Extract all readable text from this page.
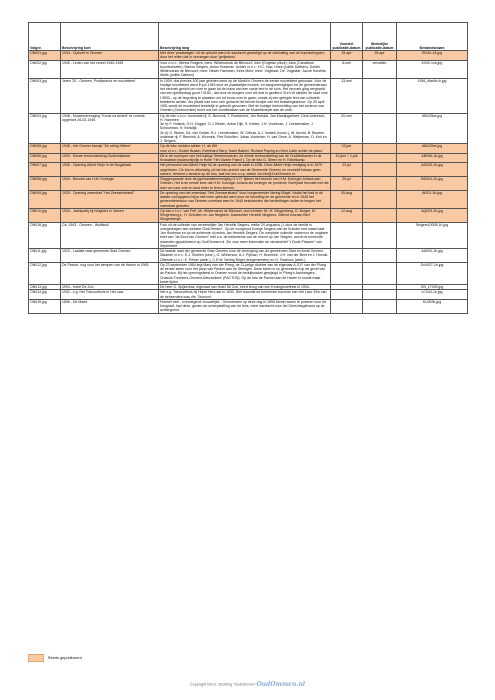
Volgnr.	Beschrijving kort	Beschrijving lang	Voorstel publicatie-datum	Werkelijke publicatie-datum	Bestandsnaam
ON001.jpg	1934 - Opfocht in Ommen	Met deze 'praatwagen' uit de optocht werd de aandacht gevestigd op de ontsluiting van de buurtschoppen, door het reiten dat in vervangen door 'geitjesbus'.	29-apr	29-apr	EI040-16.jpg
ON002.jpg	1945 - Leden van het verzet 1940-1945	Voor v.l.n.r.: Bertus Rutgers; mevr. Wildervanck de Blécourt; John (Engelse piloot); Jans (Canadese boordschutter); Marion Seigers, Anton Houtman. Achter v.l.n.r.: H.C. Hop; Hoek (politie Dalfsen); Dokter Wildervanck de Blécourt; mevr. Nesen Harmsen; Kees Metz; mevr. Vogelaar; De. Vogelaar; Jacob Horstink; Wulfs (politie Dalfsen)	6-mei	vervallen	K000-1vb.jpg
ON003.jpg	Jaren '20 - Ommen, Postkantoor en muziektent	In 1909, dus precies 100 jaar geleden werd op de Markt in Ommen de eerste muziektent gebouwd. Voor de huidige muziektent werd in juli 1949 door de plaatselijke muziek- en zangverenigingen tot de gemeenteraad het verzoek gericht om over te gaan tot de bouw van een vaste tent in de kom. Het verzoek ging vergezeld van een geldbedrag groot f 3150,- dat door de burgers voor dit doel is geofferd. B en W stelden de raad voor f 3500,- op de begroting te plaatsen om tot bouw over te gaan; omdat zij een gelegde tent van culturele betekenis achten. Als plaats had men zich gedacht het terrein tezijde van het belastingkantoor. Op 30 april 1951 wordt de muziektent feestelijk in gebruik genomen. Met de huidige herinrichting van het centrum van Ommen (Centrumvisie) komt ook het voortbestaan van de Muziekkoepel aan de orde.	13-mei		1936_Marktv-b.jpg
ON004.jpg	1948 - Muziekvereniging "Kunst na Arbeid" te Lemele, opgericht 26-02-1946	Op de foto v.l.n.r.: bovenste rij: G. Bennink, T. Roddenhof, Jan Hulsink, Jan Klantjugenbert, Derk Ardeesch, H. Hammen
3e rij: F. Hulsink, G.H. Dogger, G.J. Bloten, Anton Dijk, S. Kelder, J.H. Voortman, J. Leestemaker, J. Schuurman, H. Kerkdijk
2e rij: G. Bloten, Ed. van Gelder, B.J. Leestemaker, W. Olthuis, A.J. Immink (voorz.), W. Arnold, B. Bloeten.
onderste rij: F. Bennink, A. Wunnink, Piet Scholten, Johan Voortman, H. van Gene, A. Meijerman, D. Krul en J. Seigers.	20-mei		AB023bd.jpg
ON005.jpg	1948 - Het Ommer bandje "De string Hitters"	Op de foto: midden achter: H. de Wit
voor v.l.n.r.: Gozen Braam, Everthard Sierp, Harm Bakker, Richard Paping en Hein Lokin achter de piano.	03-jun		AB022bd.jpg
ON006.jpg	1930 - Eerste tentoonstelling Oudheidkamer	Dit is de voorloper van het huidige Streekmuseum, de eerste tentoonstelling van de Oudheidkamer in de Kruisabsel (waarschijnlijk in Hotel "Het Zwarte Paard"). Op de foto G. Steen en H. Ekkelkamp.	10-juni + 1-juli		AB006-1b.jpg
ON007.jpg	1936 - Opening Albert Heijn in de Brugstraat	Het personeel van Albert Heijn bij de opening van de zaak in 1936. Deze Albert Heijn vestiging is in 1979 opgeheven. De foto is afkomstig uit het foto-archief van de Gemeente Ommen en vermeldt helaas geen namen. Herkent u iemand op de foto, laat het ons s.v.p. weten via info@OudOmmen.nl.	22-jul		AD003-1b.jpg
ON008.jpg	1949 - Bezoek van H.M. Koningin	Vlaggenparade door de gymnastiekvereniging G.V.O. tijdens het bezoek van H.M. Koningin Juliana aan Ommen. Het is de eerste keer dat H.M. Koningin Juliana als koningin de provincie Overijssel bezoekt met als doel om haar volk en land beter te leren kennen.	29-jul		BD004-1b.jpg
ON009.jpg	1930 - Opening zwembad "Het Zeesserstrand"	De opening van het zwembad "Het Zeesserstrand" door burgemeester Nering Bögel. Nadat het bad in de laatste oorlogsjaren bijna niet meer gebruikt werd door de bezetting en de gemeente en in 1945 het gemeentebestuur van Ommen overnam werd in 1946 beslotenden die herstellingen zullen te kregen het zwembad gesloten.	05-aug		AI001-1b.jpg
ON010.jpg	1930 - Jachtpartij bij Ningbers in Varsen	Op foto v.l.n.r.: van Pelt, Mr. Wildervanck de Blécourt, oud minister Mr. M. Slingenberg, G. Borger, M. Slingenberg jr., H. Scholten en Jan Ningbers. Daarachter Hendrik Ningbers. Zittend vooraan Bert Slingenbergh.	12-aug		AQ003-1b.jpg
ON016.jpg	Ca. 1943 - Ommen - Wolfskuil	Foto uit de collectie van verzetsbijter Jan Hendrik Seigers, welke 24 augustus j.l. door de familie is overgedragen aan website"OudOmmen". Op de voorgrond Koosje Seigers-van de Kuinder met naast haar Jan Houtman en op de achterste rij rechts Jan Hendrik Seigers. De complete collectie, waarvoor de originele brief van "de Bout van Ommen" met o.a. de bekentenis van de moord op Jan Seigers, wordt de komende maanden gepubliceerd op OudOmmen.nl. Zie voor meer informatie de nieuwsbrief "t Zoule Plassen" van September.			Seigers10008-1b.jpg
ON011.jpg	1923 - Laatste raad gemeente Stad Ommen	De laatste raad der gemeente Stad Ommen voor de vereniging van de gemeenten Stad en Ambt Ommen.
Staande v.l.n.r.: E.J. Stoelen (secr.), G. Wüherson, A.J. Pijlman, H. Hunneke, J.H. van der Bent en J. Hunnik.
Zittende v.l.n.r.: K. Pelser (weth.), C.E.W. Nering Bögel (burgemeester) en G. Paarhuis (weth.).			AA003-1b.jpg
ON012.jpg	De Pacton, nog voor het dempen van de Haven in 1965	Op 23 september 1954 legt Mary van der Ploeg, de 11-jarige dochter van de eigenaar A.G.P. van der Ploeg de eerste steen voor het pand van Pacton aan de Strengen. Deze steen is nu gemonteerd op de gevel van de Pacton. Bij het openingsfeest in Ommen wordt de bedrijfsnaam gewijzigd in 'Ploeg's Aanhangers-Chassis-Trechters-Ommen-Nieuwekerk' (PACTON). Op de foto de Pacton aan de Haven in koude maar beste tijden.			Dv0027-1b.jpg
ON013.jpg	1904 - Hotel De Zon	De heer G. Spijkerbos, eigenaar van Hotel De Zon, keert terug van een Koninginnefeest in 1904.			ON_LT009.jpg
ON014.jpg	1932 - z.g. Het Tokvoorthuis in Het Laar	Het z.g. Tokvoorthuis bij Huize Het Laar in 1932. Hier woonde de beheerder-tuinman van Het Laar. Eén van de beheerders was dhr. Tokvoort.			LC044-1b.jpg
ON015.jpg	1896 - De Markt	Hoewel veel - overwegend vrouwelijke - Ommenaren op deze dag in 1896 bereid waren te poseren voor de fotograaf, had deze, gezien de scherpstelling van de lens, meer aandacht voor het Gerechtsgebouw op de achtergrond.			KU003b.jpg
Reeds gepubliceerd
Copyright foto's: stichting 'OudOmmen' OudOmmen.nl
